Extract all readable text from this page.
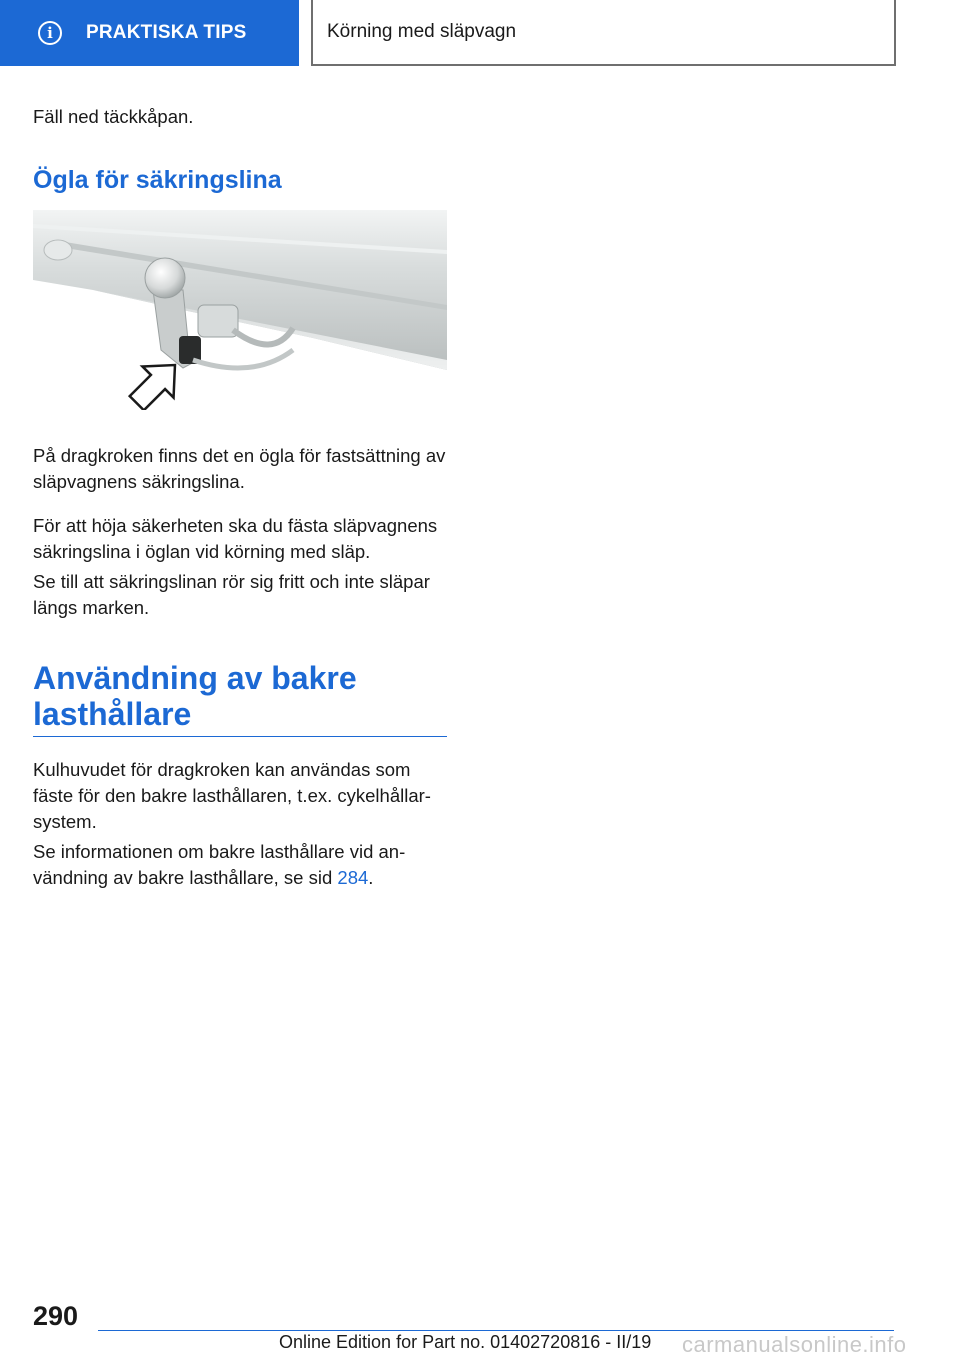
i	PRAKTISKA TIPS	Körning med släpvagn

Fäll ned täckkåpan.

Ögla för säkringslina

På dragkroken finns det en ögla för fastsättning av släpvagnens säkringslina.

För att höja säkerheten ska du fästa släpvagnens säkringslina i öglan vid körning med släp.

Se till att säkringslinan rör sig fritt och inte släpar längs marken.

Användning av bakre
lasthållare

Kulhuvudet för dragkroken kan användas som fäste för den bakre lasthållaren, t.ex. cykelhållarsystem.

Se informationen om bakre lasthållare vid användning av bakre lasthållare, se sid 284.

290
Online Edition for Part no. 01402720816 - II/19 carmanualsonline.info
